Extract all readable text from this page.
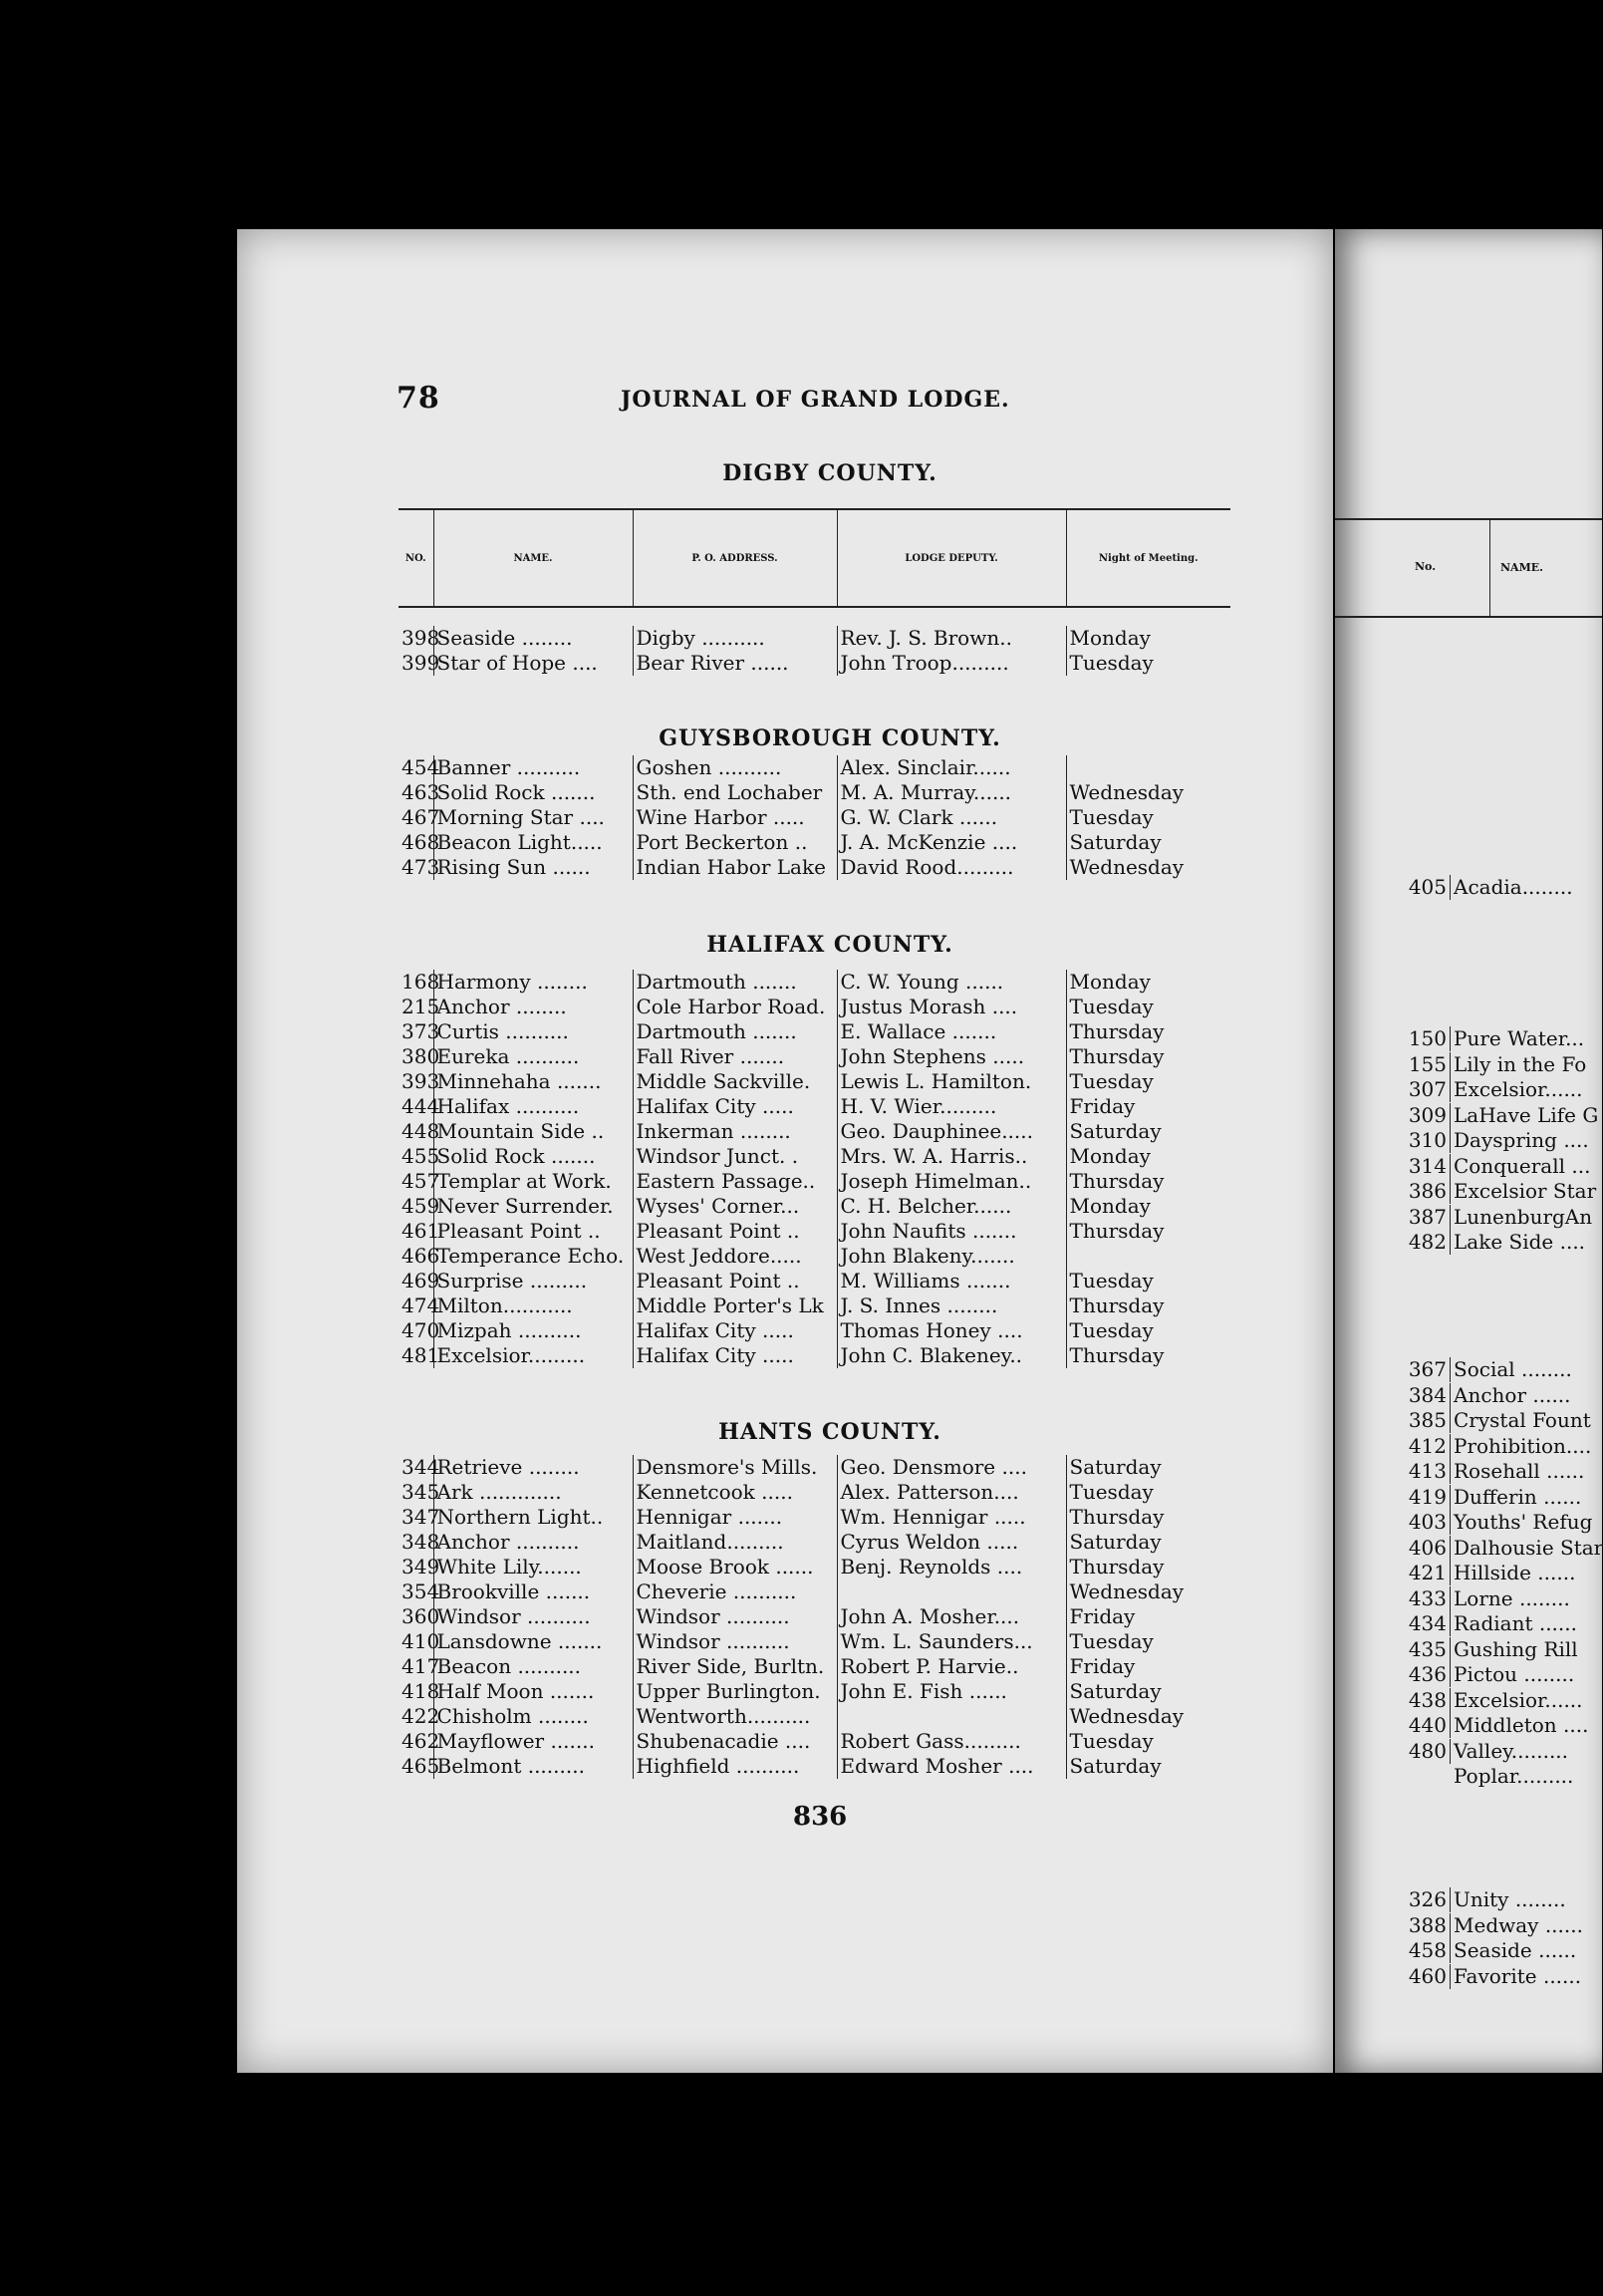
78	JOURNAL OF GRAND LODGE.
DIGBY COUNTY.
NO.	NAME.	P. O. ADDRESS.	LODGE DEPUTY.	Night of Meeting.
398	Seaside ........	Digby ..........	Rev. J. S. Brown..	Monday
399	Star of Hope ....	Bear River ......	John Troop.........	Tuesday
GUYSBOROUGH COUNTY.
454	Banner ..........	Goshen ..........	Alex. Sinclair......	
463	Solid Rock .......	Sth. end Lochaber	M. A. Murray......	Wednesday
467	Morning Star ....	Wine Harbor .....	G. W. Clark ......	Tuesday
468	Beacon Light.....	Port Beckerton ..	J. A. McKenzie ....	Saturday
473	Rising Sun ......	Indian Habor Lake	David Rood.........	Wednesday
HALIFAX COUNTY.
168	Harmony ........	Dartmouth .......	C. W. Young ......	Monday
215	Anchor ........	Cole Harbor Road.	Justus Morash ....	Tuesday
373	Curtis ..........	Dartmouth .......	E. Wallace .......	Thursday
380	Eureka ..........	Fall River .......	John Stephens .....	Thursday
393	Minnehaha .......	Middle Sackville.	Lewis L. Hamilton.	Tuesday
444	Halifax ..........	Halifax City .....	H. V. Wier.........	Friday
448	Mountain Side ..	Inkerman ........	Geo. Dauphinee.....	Saturday
455	Solid Rock .......	Windsor Junct. .	Mrs. W. A. Harris..	Monday
457	Templar at Work.	Eastern Passage..	Joseph Himelman..	Thursday
459	Never Surrender.	Wyses' Corner...	C. H. Belcher......	Monday
461	Pleasant Point ..	Pleasant Point ..	John Naufits .......	Thursday
466	Temperance Echo.	West Jeddore.....	John Blakeny.......	
469	Surprise .........	Pleasant Point ..	M. Williams .......	Tuesday
474	Milton...........	Middle Porter's Lk	J. S. Innes ........	Thursday
470	Mizpah ..........	Halifax City .....	Thomas Honey ....	Tuesday
481	Excelsior.........	Halifax City .....	John C. Blakeney..	Thursday
HANTS COUNTY.
344	Retrieve ........	Densmore's Mills.	Geo. Densmore ....	Saturday
345	Ark .............	Kennetcook .....	Alex. Patterson....	Tuesday
347	Northern Light..	Hennigar .......	Wm. Hennigar .....	Thursday
348	Anchor ..........	Maitland.........	Cyrus Weldon .....	Saturday
349	White Lily.......	Moose Brook ......	Benj. Reynolds ....	Thursday
354	Brookville .......	Cheverie ..........		Wednesday
360	Windsor ..........	Windsor ..........	John A. Mosher....	Friday
410	Lansdowne .......	Windsor ..........	Wm. L. Saunders...	Tuesday
417	Beacon ..........	River Side, Burltn.	Robert P. Harvie..	Friday
418	Half Moon .......	Upper Burlington.	John E. Fish ......	Saturday
422	Chisholm ........	Wentworth..........		Wednesday
462	Mayflower .......	Shubenacadie ....	Robert Gass.........	Tuesday
465	Belmont .........	Highfield ..........	Edward Mosher ....	Saturday
836
No.	NAME.
405 Acadia........
150 Pure Water...
155 Lily in the Fo
307 Excelsior......
309 LaHave Life G
310 Dayspring ....
314 Conquerall ...
386 Excelsior Star
387 LunenburgAn
482 Lake Side ....
367 Social ........
384 Anchor ......
385 Crystal Fount
412 Prohibition....
413 Rosehall ......
419 Dufferin ......
403 Youths' Refug
406 Dalhousie Star
421 Hillside ......
433 Lorne ........
434 Radiant ......
435 Gushing Rill
436 Pictou ........
438 Excelsior......
440 Middleton ....
480 Valley.........
Poplar.........
326 Unity ........
388 Medway ......
458 Seaside ......
460 Favorite ......
